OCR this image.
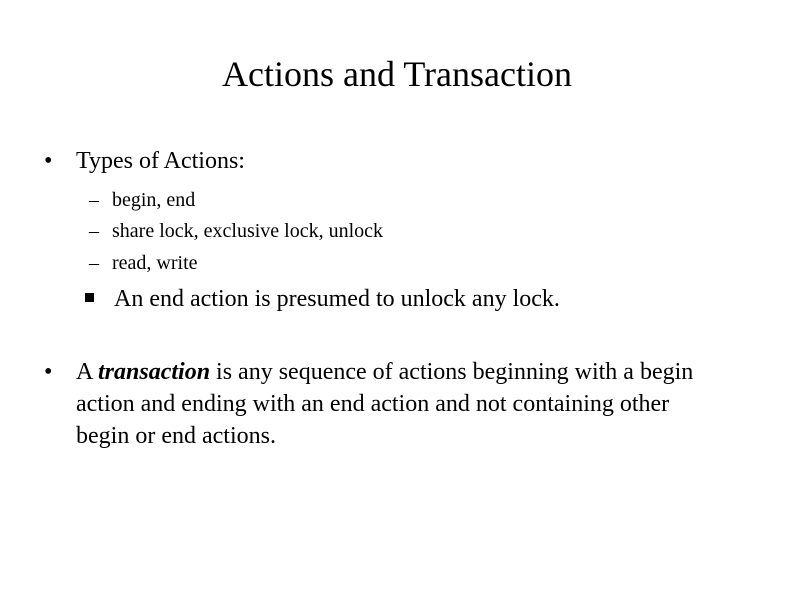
Actions and Transaction
• Types of Actions:
– begin, end
– share lock, exclusive lock, unlock
– read, write
An end action is presumed to unlock any lock.
• A transaction is any sequence of actions beginning with a begin
action and ending with an end action and not containing other
begin or end actions.
